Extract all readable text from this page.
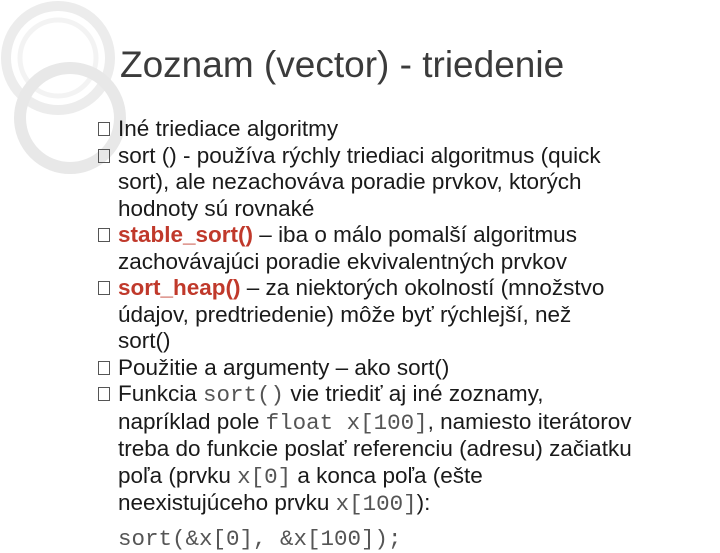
Zoznam (vector) - triedenie
Iné triediace algoritmy
sort () - používa rýchly triediaci algoritmus (quick
sort), ale nezachováva poradie prvkov, ktorých
hodnoty sú rovnaké
stable_sort() – iba o málo pomalší algoritmus
zachovávajúci poradie ekvivalentných prvkov
sort_heap() – za niektorých okolností (množstvo
údajov, predtriedenie) môže byť rýchlejší, než
sort()
Použitie a argumenty – ako sort()
Funkcia sort() vie triediť aj iné zoznamy,
napríklad pole float x[100], namiesto iterátorov
treba do funkcie poslať referenciu (adresu) začiatku
poľa (prvku x[0] a konca poľa (ešte
neexistujúceho prvku x[100]):
sort(&x[0], &x[100]);
